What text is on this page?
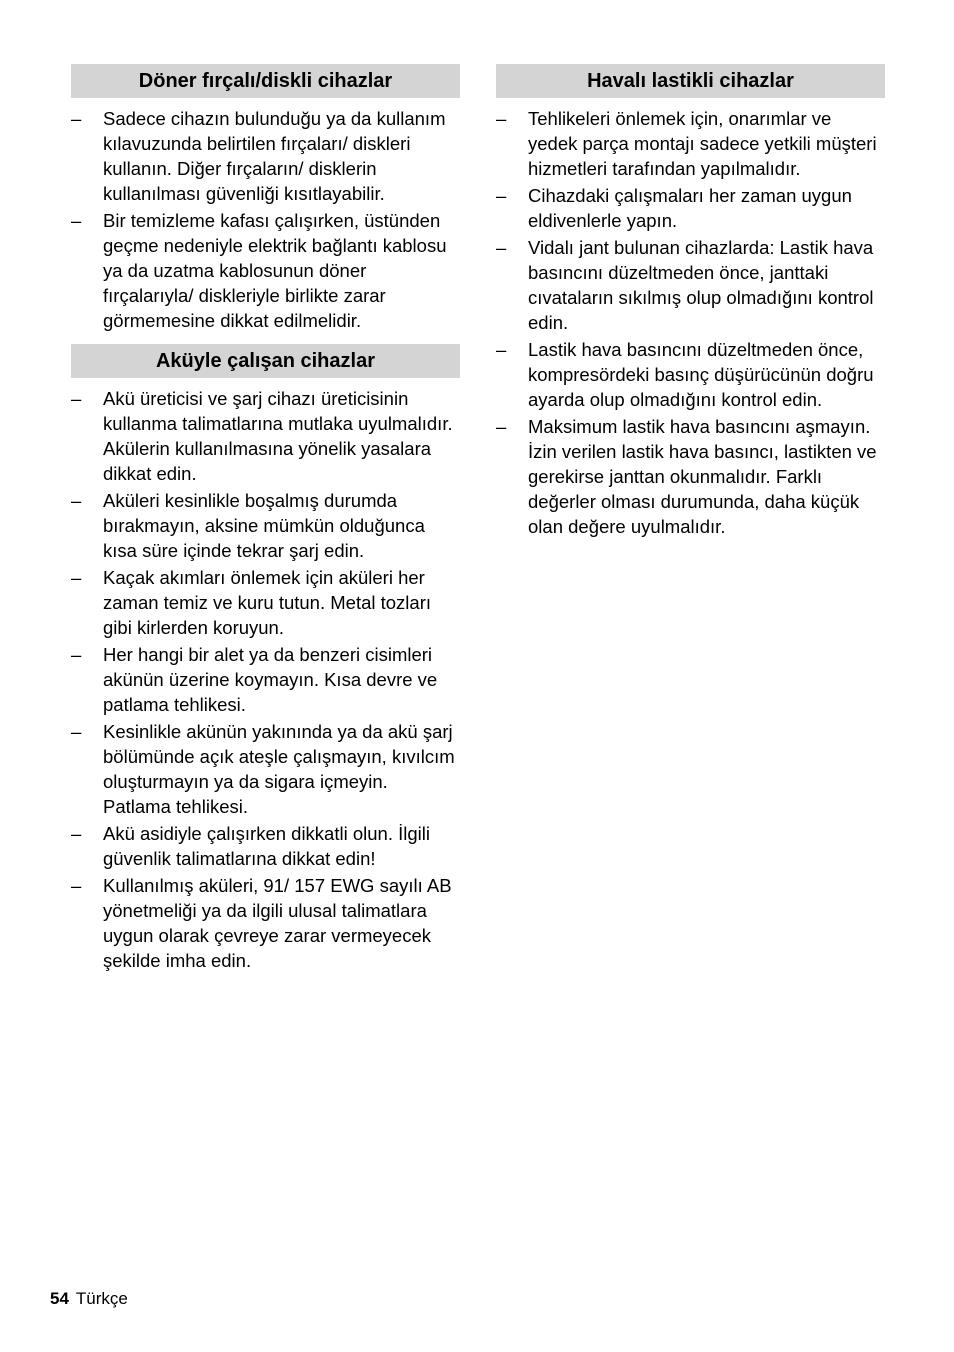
Döner fırçalı/diskli cihazlar
–
Sadece cihazın bulunduğu ya da kullanım kılavuzunda belirtilen fırçaları/ diskleri kullanın. Diğer fırçaların/ disklerin kullanılması güvenliği kısıtlayabilir.
–
Bir temizleme kafası çalışırken, üstünden geçme nedeniyle elektrik bağlantı kablosu ya da uzatma kablosunun döner fırçalarıyla/ diskleriyle birlikte zarar görmemesine dikkat edilmelidir.
Aküyle çalışan cihazlar
–
Akü üreticisi ve şarj cihazı üreticisinin kullanma talimatlarına mutlaka uyulmalıdır. Akülerin kullanılmasına yönelik yasalara dikkat edin.
–
Aküleri kesinlikle boşalmış durumda bırakmayın, aksine mümkün olduğunca kısa süre içinde tekrar şarj edin.
–
Kaçak akımları önlemek için aküleri her zaman temiz ve kuru tutun. Metal tozları gibi kirlerden koruyun.
–
Her hangi bir alet ya da benzeri cisimleri akünün üzerine koymayın. Kısa devre ve patlama tehlikesi.
–
Kesinlikle akünün yakınında ya da akü şarj bölümünde açık ateşle çalışmayın, kıvılcım oluşturmayın ya da sigara içmeyin. Patlama tehlikesi.
–
Akü asidiyle çalışırken dikkatli olun. İlgili güvenlik talimatlarına dikkat edin!
–
Kullanılmış aküleri, 91/ 157 EWG sayılı AB yönetmeliği ya da ilgili ulusal talimatlara uygun olarak çevreye zarar vermeyecek şekilde imha edin.
Havalı lastikli cihazlar
–
Tehlikeleri önlemek için, onarımlar ve yedek parça montajı sadece yetkili müşteri hizmetleri tarafından yapılmalıdır.
–
Cihazdaki çalışmaları her zaman uygun eldivenlerle yapın.
–
Vidalı jant bulunan cihazlarda: Lastik hava basıncını düzeltmeden önce, janttaki cıvataların sıkılmış olup olmadığını kontrol edin.
–
Lastik hava basıncını düzeltmeden önce, kompresördeki basınç düşürücünün doğru ayarda olup olmadığını kontrol edin.
–
Maksimum lastik hava basıncını aşmayın. İzin verilen lastik hava basıncı, lastikten ve gerekirse janttan okunmalıdır. Farklı değerler olması durumunda, daha küçük olan değere uyulmalıdır.
54 Türkçe
